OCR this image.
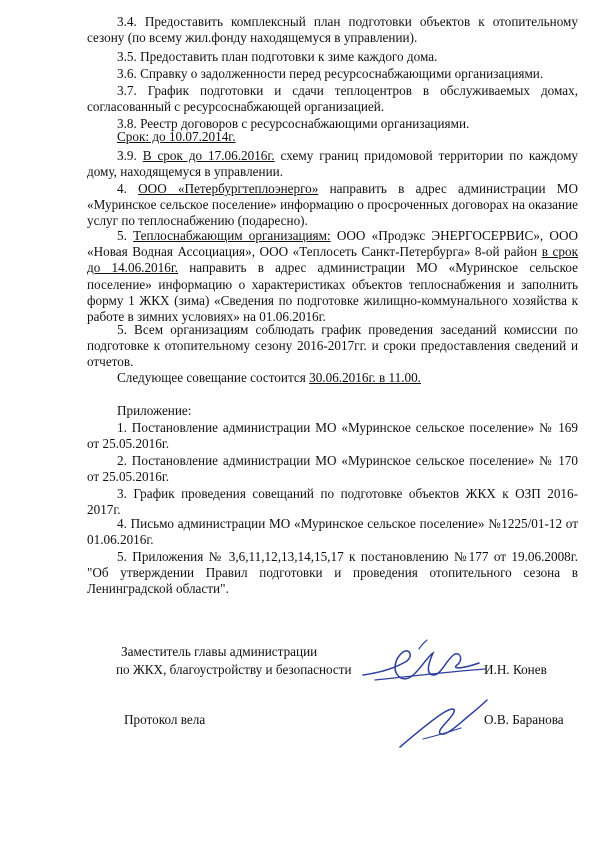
3.4. Предоставить комплексный план подготовки объектов к отопительному сезону (по всему жил.фонду находящемуся в управлении).

3.5. Предоставить план подготовки к зиме каждого дома.

3.6. Справку о задолженности перед ресурсоснабжающими организациями.

3.7. График подготовки и сдачи теплоцентров в обслуживаемых домах, согласованный с ресурсоснабжающей организацией.

3.8. Реестр договоров с ресурсоснабжающими организациями.

Срок: до 10.07.2014г.

3.9. В срок до 17.06.2016г. схему границ придомовой территории по каждому дому, находящемуся в управлении.

4. ООО «Петербургтеплоэнерго» направить в адрес администрации МО «Муринское сельское поселение» информацию о просроченных договорах на оказание услуг по теплоснабжению (подаресно).

5. Теплоснабжающим организациям: ООО «Продэкс ЭНЕРГОСЕРВИС», ООО «Новая Водная Ассоциация», ООО «Теплосеть Санкт-Петербурга» 8-ой район в срок до 14.06.2016г. направить в адрес администрации МО «Муринское сельское поселение» информацию о характеристиках объектов теплоснабжения и заполнить форму 1 ЖКХ (зима) «Сведения по подготовке жилищно-коммунального хозяйства к работе в зимних условиях» на 01.06.2016г.

5. Всем организациям соблюдать график проведения заседаний комиссии по подготовке к отопительному сезону 2016-2017гг. и сроки предоставления сведений и отчетов.

Следующее совещание состоится 30.06.2016г. в 11.00.

Приложение:

1. Постановление администрации МО «Муринское сельское поселение» № 169 от 25.05.2016г.

2. Постановление администрации МО «Муринское сельское поселение» № 170 от 25.05.2016г.

3. График проведения совещаний по подготовке объектов ЖКХ к ОЗП 2016-2017г.

4. Письмо администрации МО «Муринское сельское поселение» №1225/01-12 от 01.06.2016г.

5. Приложения № 3,6,11,12,13,14,15,17 к постановлению №177 от 19.06.2008г. "Об утверждении Правил подготовки и проведения отопительного сезона в Ленинградской области".

Заместитель главы администрации
по ЖКХ, благоустройству и безопасности	И.Н. Конев
Протокол вела	О.В. Баранова
